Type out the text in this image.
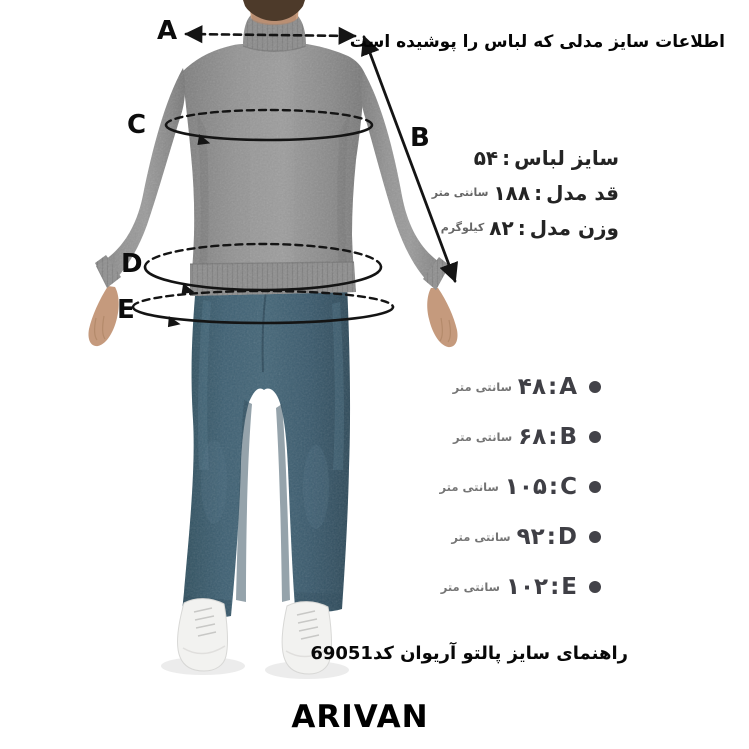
A
B
C
D
E
اطلاعات سایز مدلی که لباس را پوشیده است
۵۴ : سایز لباس
سانتی متر ۱۸۸ : قد مدل
کیلوگرم ۸۲ : وزن مدل
سانتی متر ۴۸ : A
سانتی متر ۶۸ : B
سانتی متر ۱۰۵ : C
سانتی متر ۹۲ : D
سانتی متر ۱۰۲ : E
راهنمای سایز پالتو آریوان کد69051
ARIVAN
